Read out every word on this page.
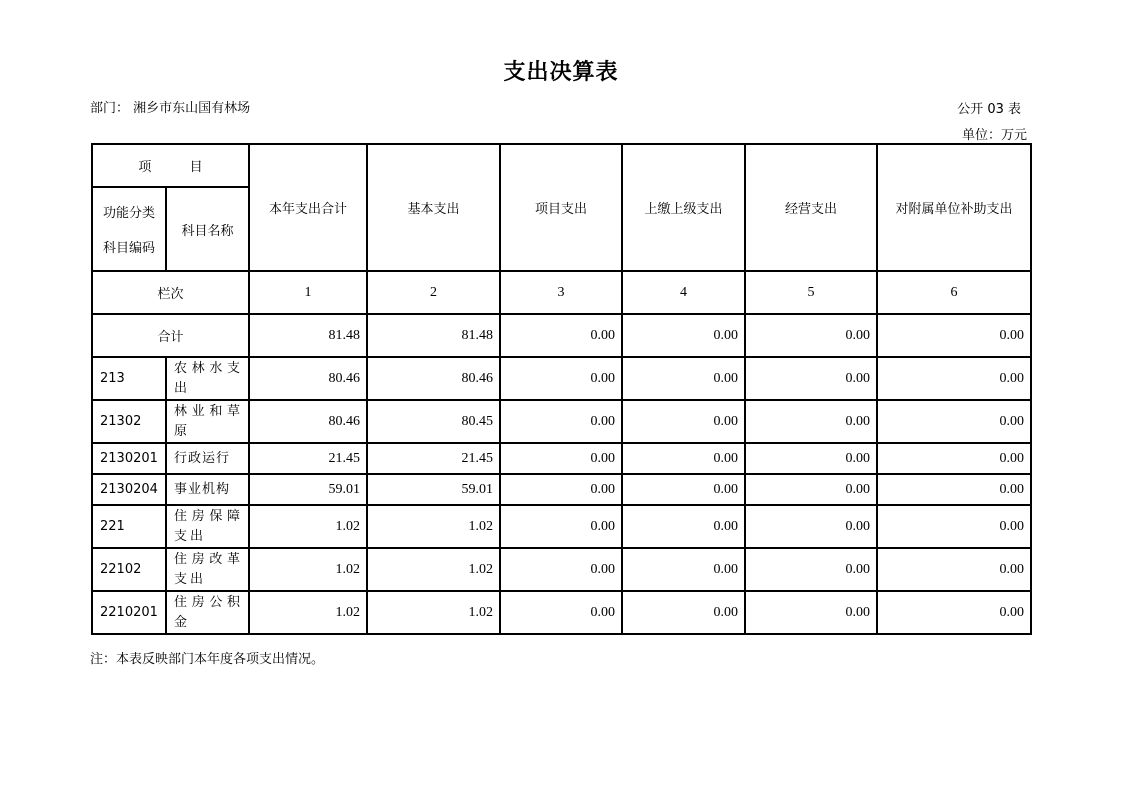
支出决算表
部门： 湘乡市东山国有林场	公开 03 表
单位：万元
项 目		本年支出合计	基本支出	项目支出	上缴上级支出	经营支出	对附属单位补助支出

功能分类
科目编码	科目名称						
栏次		1	2	3	4	5	6
合计		81.48	81.48	0.00	0.00	0.00	0.00
213	农林水支出	80.46	80.46	0.00	0.00	0.00	0.00
21302	林业和草原	80.46	80.45	0.00	0.00	0.00	0.00
2130201	行政运行	21.45	21.45	0.00	0.00	0.00	0.00
2130204	事业机构	59.01	59.01	0.00	0.00	0.00	0.00
221	住房保障支出	1.02	1.02	0.00	0.00	0.00	0.00
22102	住房改革支出	1.02	1.02	0.00	0.00	0.00	0.00
2210201	住房公积金	1.02	1.02	0.00	0.00	0.00	0.00
注：本表反映部门本年度各项支出情况。
